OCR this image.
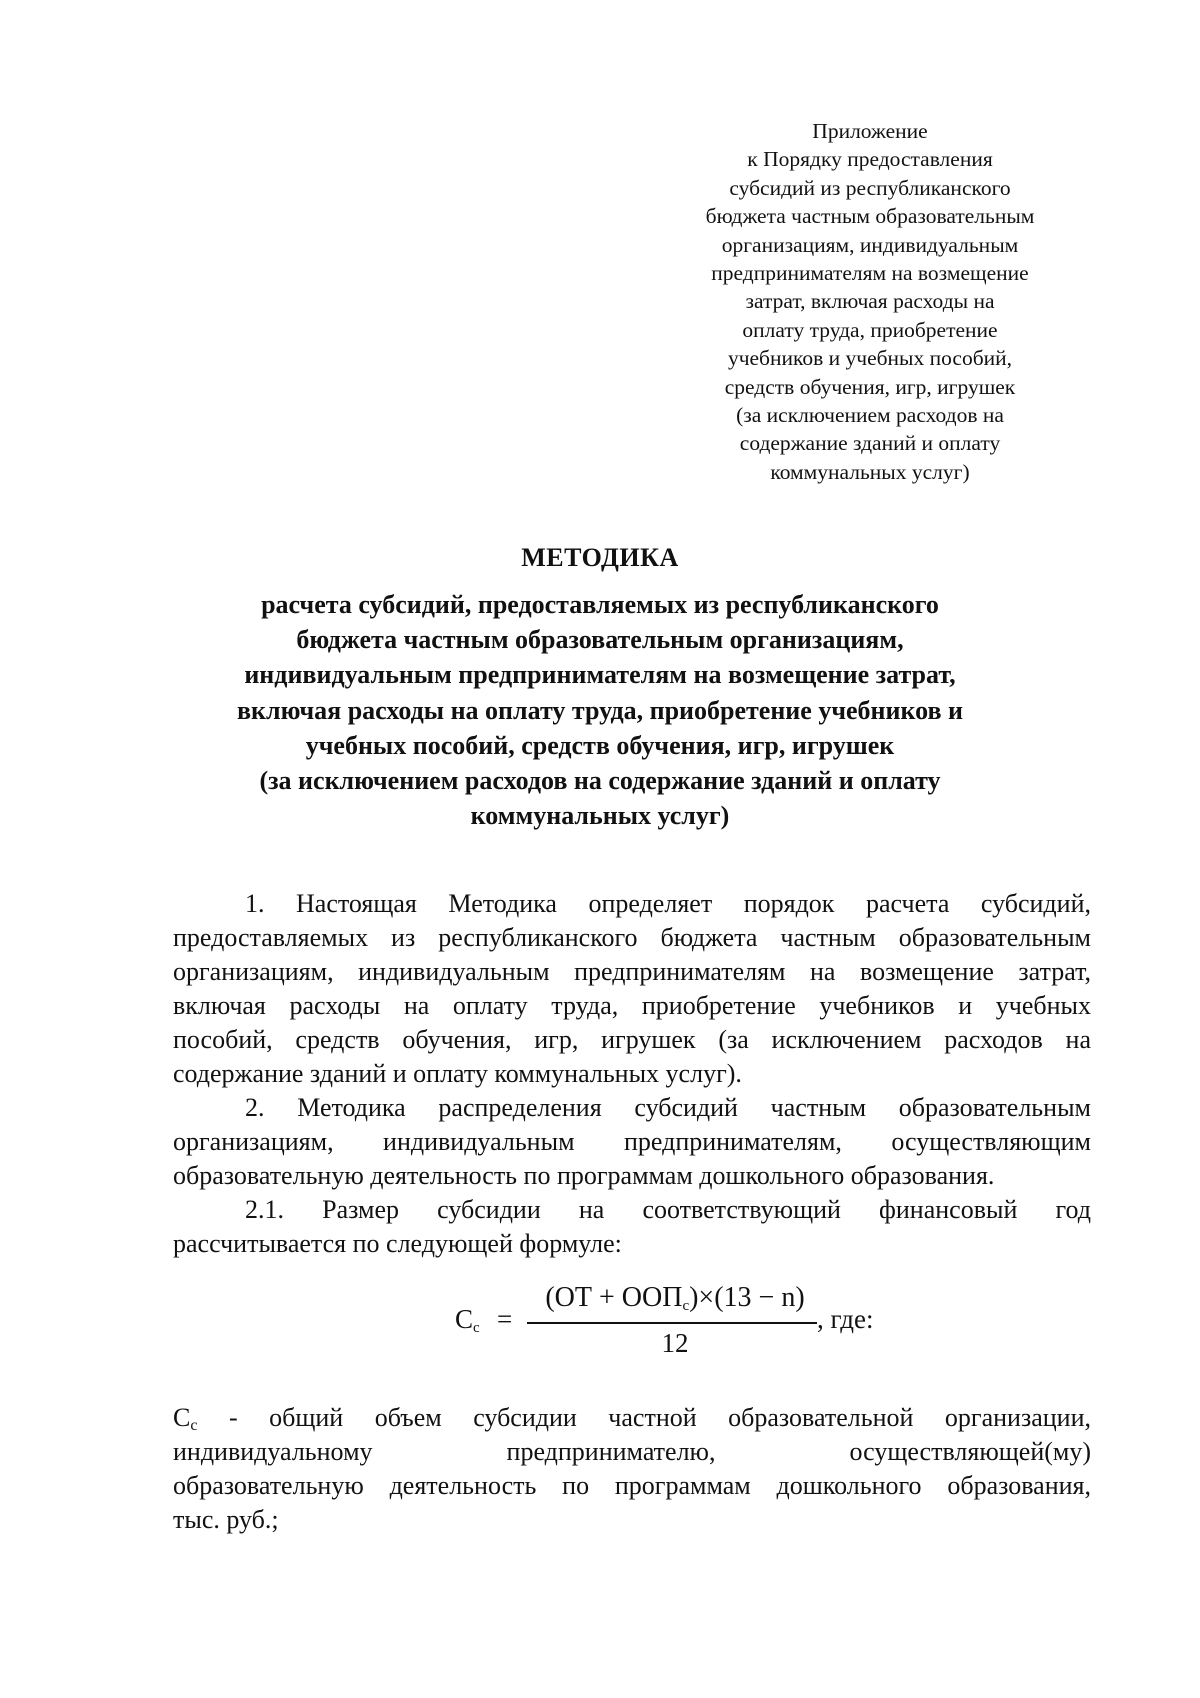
Приложение
к Порядку предоставления
субсидий из республиканского
бюджета частным образовательным
организациям, индивидуальным
предпринимателям на возмещение
затрат, включая расходы на
оплату труда, приобретение
учебников и учебных пособий,
средств обучения, игр, игрушек
(за исключением расходов на
содержание зданий и оплату
коммунальных услуг)
МЕТОДИКА
расчета субсидий, предоставляемых из республиканского
бюджета частным образовательным организациям,
индивидуальным предпринимателям на возмещение затрат,
включая расходы на оплату труда, приобретение учебников и
учебных пособий, средств обучения, игр, игрушек
(за исключением расходов на содержание зданий и оплату
коммунальных услуг)
1. Настоящая Методика определяет порядок расчета субсидий,
предоставляемых из республиканского бюджета частным образовательным
организациям, индивидуальным предпринимателям на возмещение затрат,
включая расходы на оплату труда, приобретение учебников и учебных
пособий, средств обучения, игр, игрушек (за исключением расходов на
содержание зданий и оплату коммунальных услуг).
2. Методика распределения субсидий частным образовательным
организациям, индивидуальным предпринимателям, осуществляющим
образовательную деятельность по программам дошкольного образования.
2.1. Размер субсидии на соответствующий финансовый год
рассчитывается по следующей формуле:
$C_c$ =
$(ОТ + ООП_c)\times(13 - n)$
12
, где:
$C_c$ - общий объем субсидии частной образовательной организации,
индивидуальному предпринимателю, осуществляющей(му)
образовательную деятельность по программам дошкольного образования,
тыс. руб.;
